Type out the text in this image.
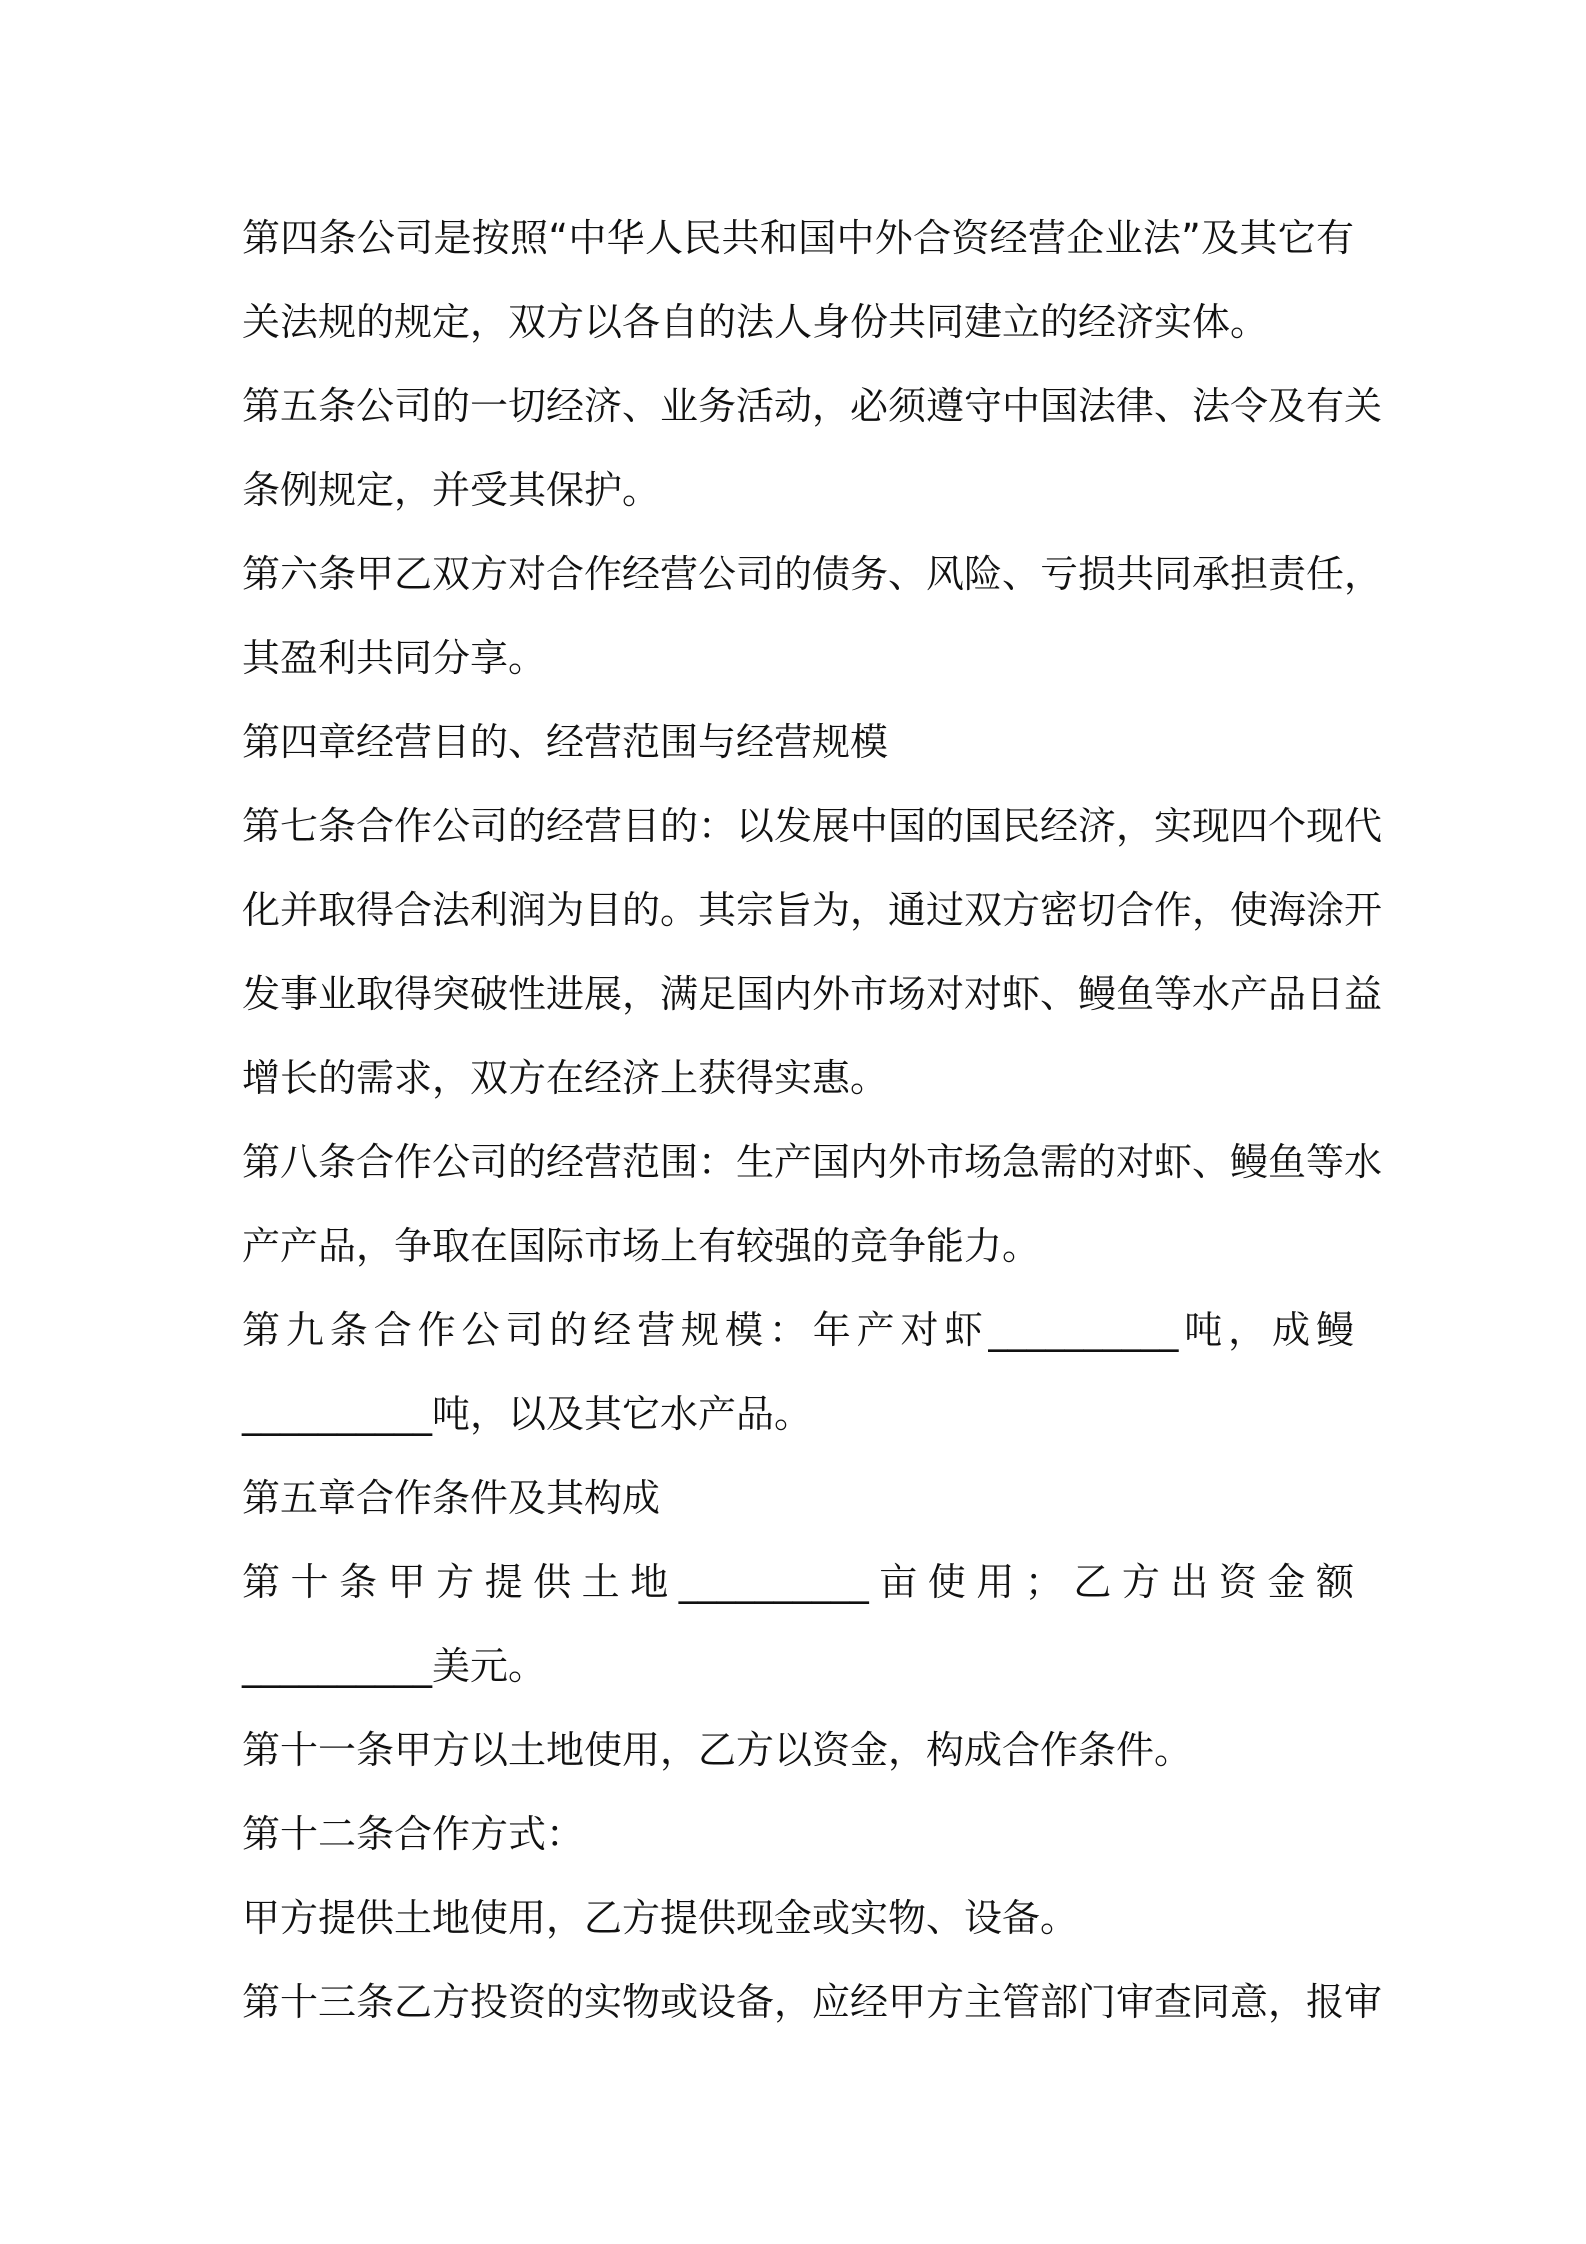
第四条公司是按照“中华人民共和国中外合资经营企业法”及其它有
关法规的规定，双方以各自的法人身份共同建立的经济实体。
第五条公司的一切经济、业务活动，必须遵守中国法律、法令及有关
条例规定，并受其保护。
第六条甲乙双方对合作经营公司的债务、风险、亏损共同承担责任，
其盈利共同分享。
第四章经营目的、经营范围与经营规模
第七条合作公司的经营目的：以发展中国的国民经济，实现四个现代
化并取得合法利润为目的。其宗旨为，通过双方密切合作，使海涂开
发事业取得突破性进展，满足国内外市场对对虾、鳗鱼等水产品日益
增长的需求，双方在经济上获得实惠。
第八条合作公司的经营范围：生产国内外市场急需的对虾、鳗鱼等水
产产品，争取在国际市场上有较强的竞争能力。
第九条合作公司的经营规模：年产对虾__________吨，成鳗
__________吨，以及其它水产品。
第五章合作条件及其构成
第十条甲方提供土地__________亩使用；乙方出资金额
__________美元。
第十一条甲方以土地使用，乙方以资金，构成合作条件。
第十二条合作方式：
甲方提供土地使用，乙方提供现金或实物、设备。
第十三条乙方投资的实物或设备，应经甲方主管部门审查同意，报审
